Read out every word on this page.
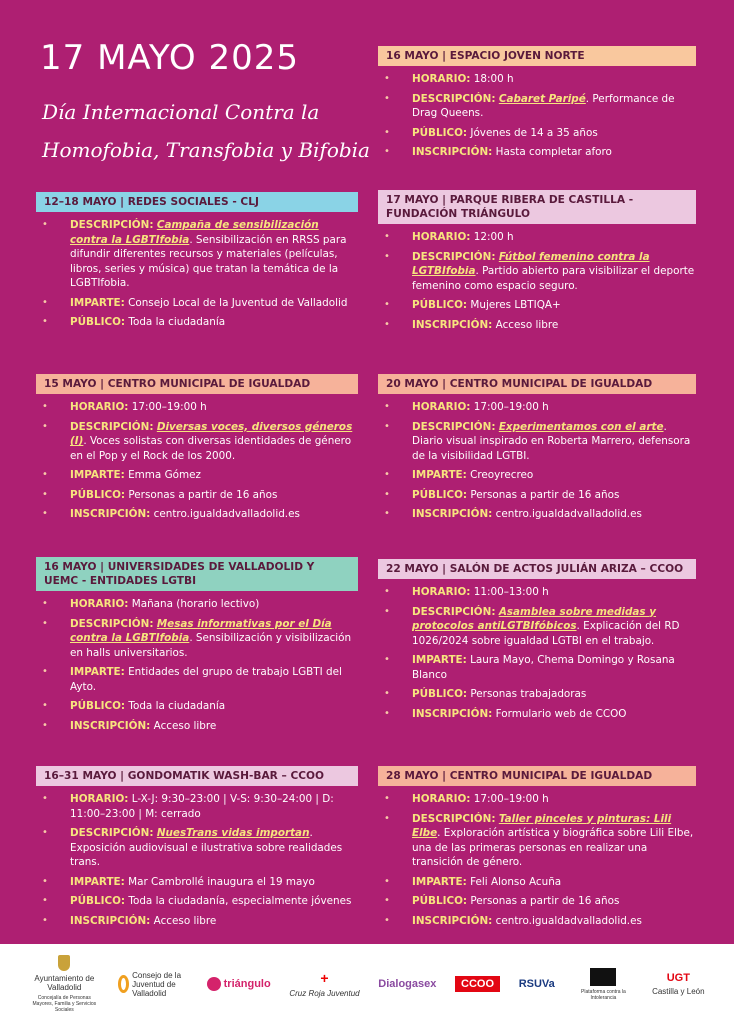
17 MAYO 2025
Día Internacional Contra la Homofobia, Transfobia y Bifobia
16 MAYO | ESPACIO JOVEN NORTE
• HORARIO: 18:00 h
• DESCRIPCIÓN: Cabaret Paripé. Performance de Drag Queens.
• PÚBLICO: Jóvenes de 14 a 35 años
• INSCRIPCIÓN: Hasta completar aforo
12–18 MAYO | REDES SOCIALES - CLJ
• DESCRIPCIÓN: Campaña de sensibilización contra la LGBTIfobia. Sensibilización en RRSS para difundir diferentes recursos y materiales (películas, libros, series y música) que tratan la temática de la LGBTIfobia.
• IMPARTE: Consejo Local de la Juventud de Valladolid
• PÚBLICO: Toda la ciudadanía
17 MAYO | PARQUE RIBERA DE CASTILLA - FUNDACIÓN TRIÁNGULO
• HORARIO: 12:00 h
• DESCRIPCIÓN: Fútbol femenino contra la LGTBIfobia. Partido abierto para visibilizar el deporte femenino como espacio seguro.
• PÚBLICO: Mujeres LBTIQA+
• INSCRIPCIÓN: Acceso libre
15 MAYO | CENTRO MUNICIPAL DE IGUALDAD
• HORARIO: 17:00–19:00 h
• DESCRIPCIÓN: Diversas voces, diversos géneros (I). Voces solistas con diversas identidades de género en el Pop y el Rock de los 2000.
• IMPARTE: Emma Gómez
• PÚBLICO: Personas a partir de 16 años
• INSCRIPCIÓN: centro.igualdadvalladolid.es
20 MAYO | CENTRO MUNICIPAL DE IGUALDAD
• HORARIO: 17:00–19:00 h
• DESCRIPCIÓN: Experimentamos con el arte. Diario visual inspirado en Roberta Marrero, defensora de la visibilidad LGTBI.
• IMPARTE: Creoyrecreo
• PÚBLICO: Personas a partir de 16 años
• INSCRIPCIÓN: centro.igualdadvalladolid.es
16 MAYO | UNIVERSIDADES DE VALLADOLID Y UEMC - ENTIDADES LGTBI
• HORARIO: Mañana (horario lectivo)
• DESCRIPCIÓN: Mesas informativas por el Día contra la LGBTIfobia. Sensibilización y visibilización en halls universitarios.
• IMPARTE: Entidades del grupo de trabajo LGBTI del Ayto.
• PÚBLICO: Toda la ciudadanía
• INSCRIPCIÓN: Acceso libre
22 MAYO | SALÓN DE ACTOS JULIÁN ARIZA – CCOO
• HORARIO: 11:00–13:00 h
• DESCRIPCIÓN: Asamblea sobre medidas y protocolos antiLGTBIfóbicos. Explicación del RD 1026/2024 sobre igualdad LGTBI en el trabajo.
• IMPARTE: Laura Mayo, Chema Domingo y Rosana Blanco
• PÚBLICO: Personas trabajadoras
• INSCRIPCIÓN: Formulario web de CCOO
16–31 MAYO | GONDOMATIK WASH-BAR – CCOO
• HORARIO: L-X-J: 9:30–23:00 | V-S: 9:30–24:00 | D: 11:00–23:00 | M: cerrado
• DESCRIPCIÓN: NuesTrans vidas importan. Exposición audiovisual e ilustrativa sobre realidades trans.
• IMPARTE: Mar Cambrollé inaugura el 19 mayo
• PÚBLICO: Toda la ciudadanía, especialmente jóvenes
• INSCRIPCIÓN: Acceso libre
28 MAYO | CENTRO MUNICIPAL DE IGUALDAD
• HORARIO: 17:00–19:00 h
• DESCRIPCIÓN: Taller pinceles y pinturas: Lili Elbe. Exploración artística y biográfica sobre Lili Elbe, una de las primeras personas en realizar una transición de género.
• IMPARTE: Feli Alonso Acuña
• PÚBLICO: Personas a partir de 16 años
• INSCRIPCIÓN: centro.igualdadvalladolid.es
Ayuntamiento de Valladolid
Concejalía de Personas Mayores, Familia y Servicios Sociales
Consejo de la Juventud de Valladolid
triángulo	+
Cruz Roja Juventud
Dialogasex	CCOO	RSUVa
Plataforma contra la Intolerancia
UGT
Castilla y León
